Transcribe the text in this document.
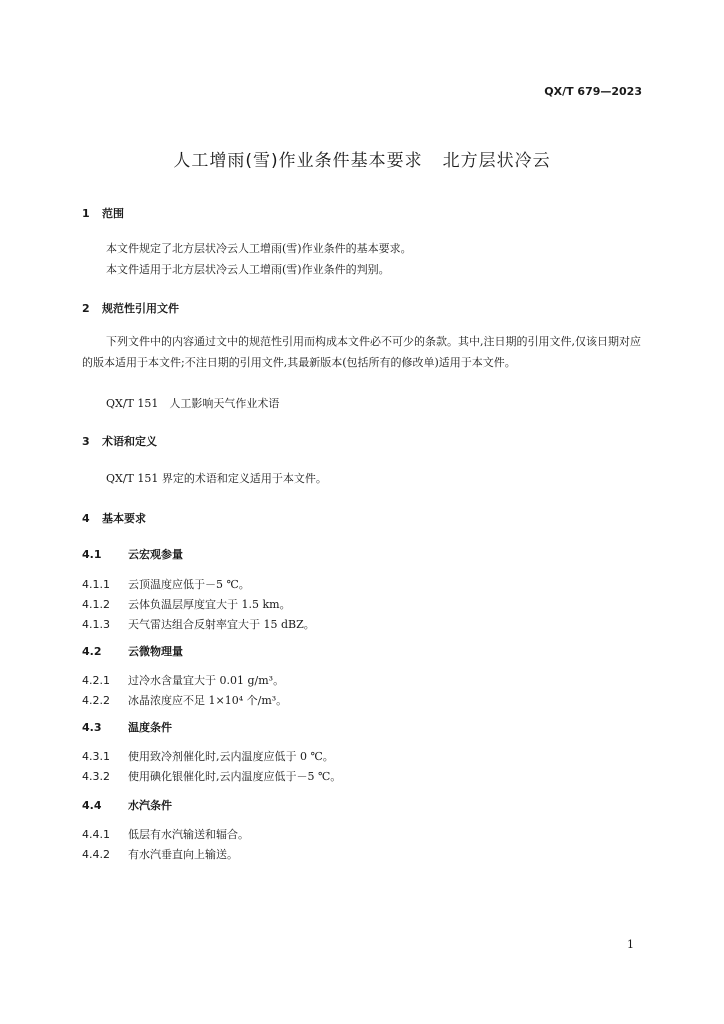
QX/T 679—2023
人工增雨(雪)作业条件基本要求 北方层状冷云
1 范围
本文件规定了北方层状冷云人工增雨(雪)作业条件的基本要求。
本文件适用于北方层状冷云人工增雨(雪)作业条件的判别。
2 规范性引用文件
下列文件中的内容通过文中的规范性引用而构成本文件必不可少的条款。其中,注日期的引用文件,仅该日期对应的版本适用于本文件;不注日期的引用文件,其最新版本(包括所有的修改单)适用于本文件。
QX/T 151　人工影响天气作业术语
3 术语和定义
QX/T 151 界定的术语和定义适用于本文件。
4 基本要求
4.1 云宏观参量
4.1.1 云顶温度应低于－5 ℃。
4.1.2 云体负温层厚度宜大于 1.5 km。
4.1.3 天气雷达组合反射率宜大于 15 dBZ。
4.2 云微物理量
4.2.1 过冷水含量宜大于 0.01 g/m³。
4.2.2 冰晶浓度应不足 1×10⁴ 个/m³。
4.3 温度条件
4.3.1 使用致冷剂催化时,云内温度应低于 0 ℃。
4.3.2 使用碘化银催化时,云内温度应低于－5 ℃。
4.4 水汽条件
4.4.1 低层有水汽输送和辐合。
4.4.2 有水汽垂直向上输送。
1
